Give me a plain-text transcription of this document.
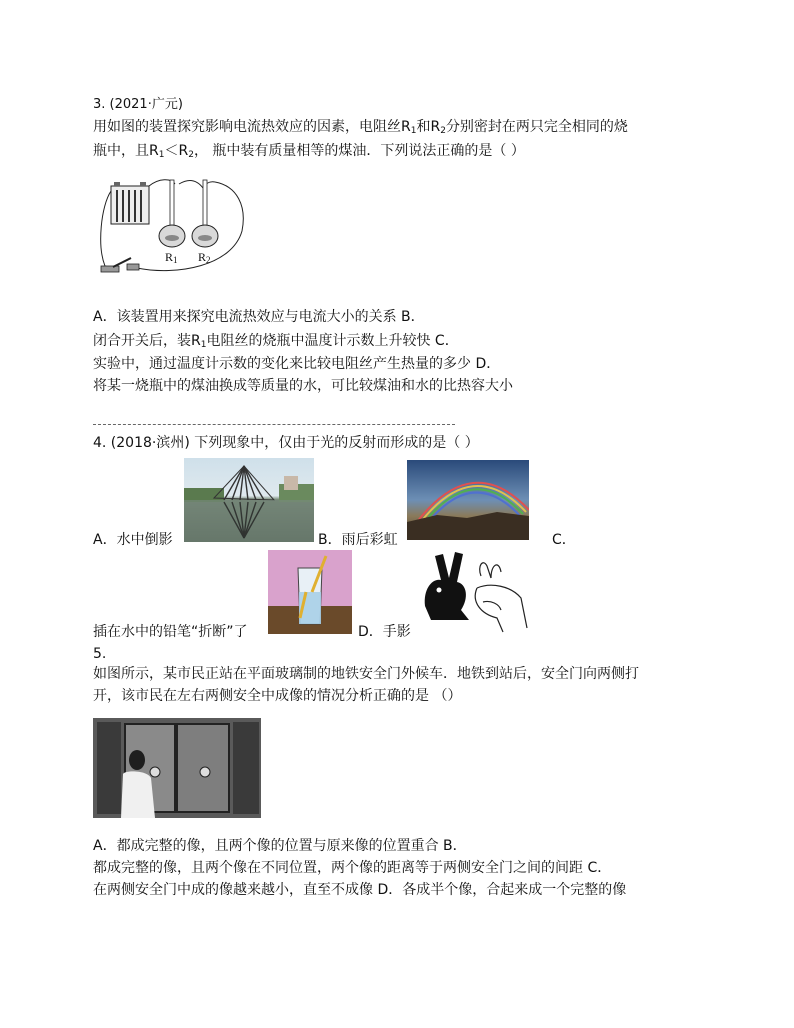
3. (2021·广元)
用如图的装置探究影响电流热效应的因素，电阻丝$R_1$和$R_2$分别密封在两只完全相同的烧
瓶中，且$R_1<R_2$， 瓶中装有质量相等的煤油．下列说法正确的是（ ）
$R_1$ $R_2$
A．该装置用来探究电流热效应与电流大小的关系 B．
闭合开关后，装$R_1$电阻丝的烧瓶中温度计示数上升较快 C．
实验中，通过温度计示数的变化来比较电阻丝产生热量的多少 D．
将某一烧瓶中的煤油换成等质量的水，可比较煤油和水的比热容大小
4. (2018·滨州) 下列现象中，仅由于光的反射而形成的是（ ）
A．水中倒影	B．雨后彩虹	C．
插在水中的铅笔“折断”了	D．手影
5.
如图所示，某市民正站在平面玻璃制的地铁安全门外候车．地铁到站后，安全门向两侧打
开，该市民在左右两侧安全中成像的情况分析正确的是 （）
A．都成完整的像，且两个像的位置与原来像的位置重合 B．
都成完整的像，且两个像在不同位置，两个像的距离等于两侧安全门之间的间距 C．
在两侧安全门中成的像越来越小，直至不成像 D．各成半个像，合起来成一个完整的像
